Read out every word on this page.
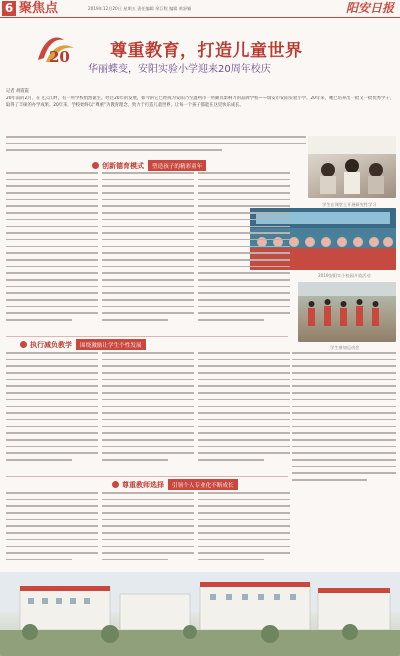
6 聚焦点	2019年12月20日 星期五 责任编辑 余巨程 编辑 黄舒颖	阳安日报
20 尊重教育，打造儿童世界
华丽蝶变，安阳实验小学迎来20周年校庆
记者 胡霞霞
20年前的2月，在飞云江畔，有一所学校悄然诞生。经过20年的发展，如今的它已经成为安阳乃至温州市一所颇具影响力的品牌学校——瑞安市安阳实验小学。20年来，她已培养出一批又一批优秀学子，取得了丰硕的办学成果。20年来，学校始终以“尊重”为教育理念，致力于打造儿童世界，让每一个孩子都能在这里快乐成长。
学生在课堂上开展研究性学习
2019安阳实小校园开放活动
学生参加运动会
创新德育模式	塑造孩子的精彩童年
执行减负教学	围绕激励让学生个性发展
尊重教师选择	引领个人专业化不断成长
